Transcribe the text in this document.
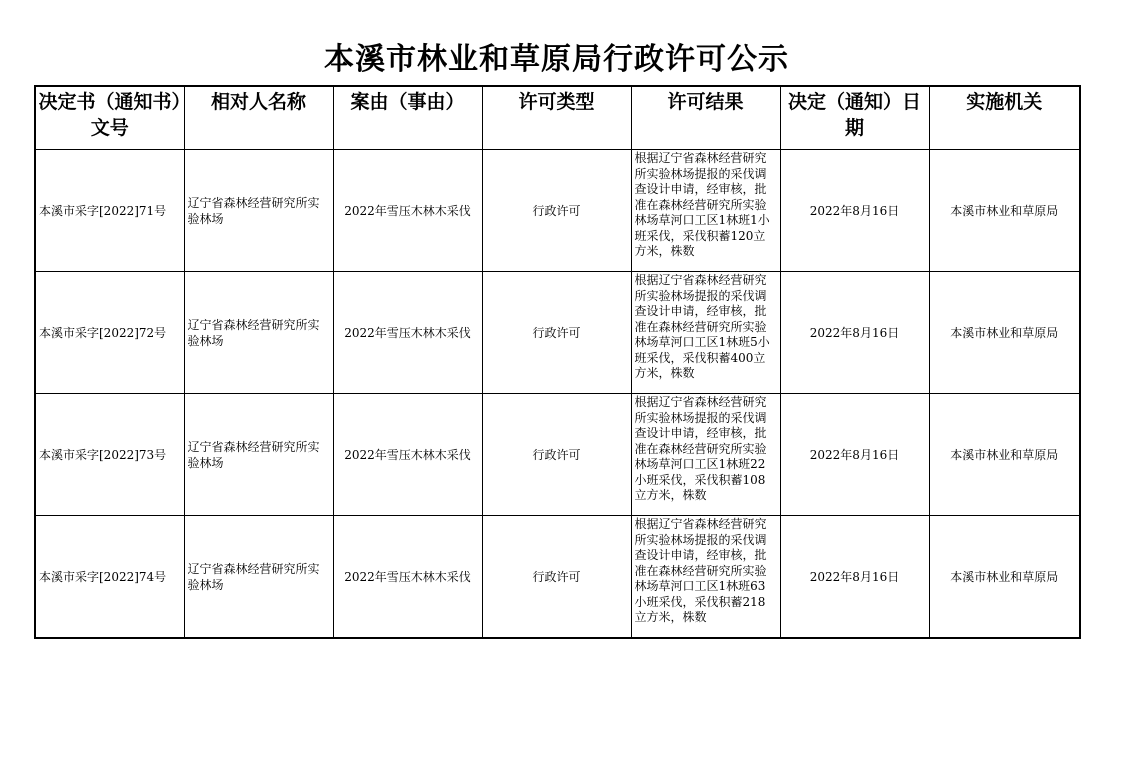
本溪市林业和草原局行政许可公示
决定书（通知书）文号	相对人名称	案由（事由）	许可类型	许可结果	决定（通知）日期	实施机关
本溪市采字[2022]71号	辽宁省森林经营研究所实验林场	2022年雪压木林木采伐	行政许可	根据辽宁省森林经营研究所实验林场提报的采伐调查设计申请，经审核，批准在森林经营研究所实验林场草河口工区1林班1小班采伐，采伐积蓄120立方米，株数	2022年8月16日	本溪市林业和草原局
本溪市采字[2022]72号	辽宁省森林经营研究所实验林场	2022年雪压木林木采伐	行政许可	根据辽宁省森林经营研究所实验林场提报的采伐调查设计申请，经审核，批准在森林经营研究所实验林场草河口工区1林班5小班采伐，采伐积蓄400立方米，株数	2022年8月16日	本溪市林业和草原局
本溪市采字[2022]73号	辽宁省森林经营研究所实验林场	2022年雪压木林木采伐	行政许可	根据辽宁省森林经营研究所实验林场提报的采伐调查设计申请，经审核，批准在森林经营研究所实验林场草河口工区1林班22小班采伐，采伐积蓄108立方米，株数	2022年8月16日	本溪市林业和草原局
本溪市采字[2022]74号	辽宁省森林经营研究所实验林场	2022年雪压木林木采伐	行政许可	根据辽宁省森林经营研究所实验林场提报的采伐调查设计申请，经审核，批准在森林经营研究所实验林场草河口工区1林班63小班采伐，采伐积蓄218立方米，株数	2022年8月16日	本溪市林业和草原局
